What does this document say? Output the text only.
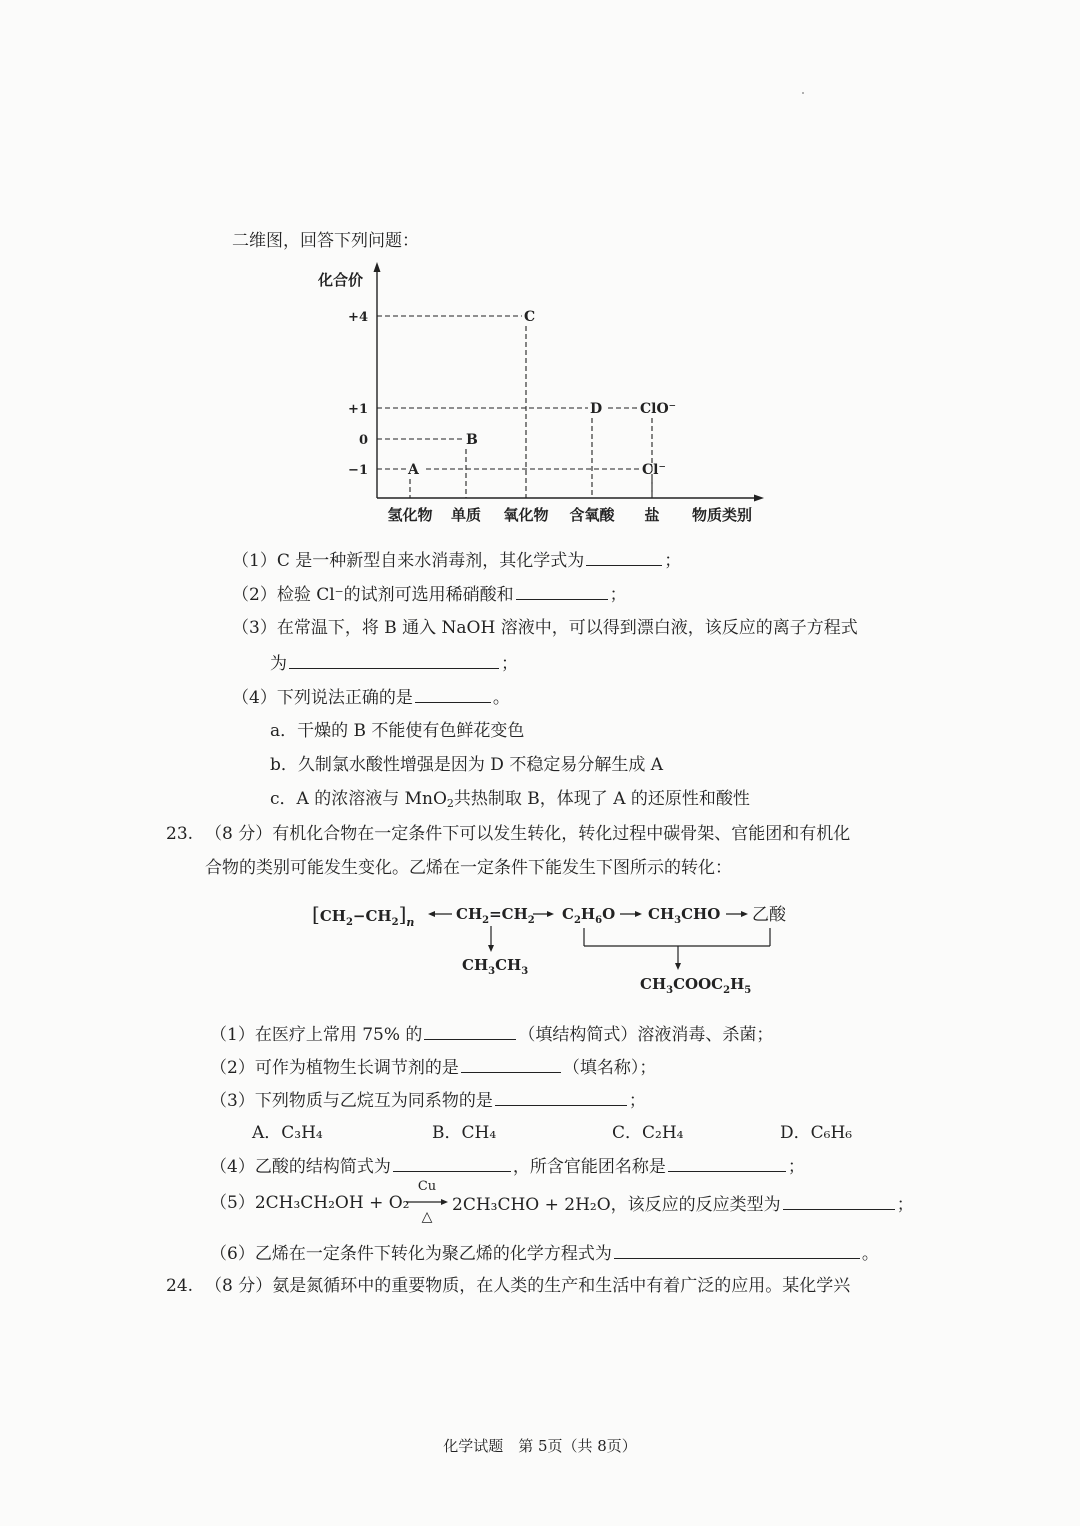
二维图，回答下列问题：
化合价
+4
+1
0
−1
氢化物 单质 氧化物 含氧酸 盐 物质类别
A
B
C
D	ClO⁻
Cl⁻
（1）C 是一种新型自来水消毒剂，其化学式为	；
（2）检验 Cl⁻的试剂可选用稀硝酸和	；
（3）在常温下，将 B 通入 NaOH 溶液中，可以得到漂白液，该反应的离子方程式
为	；
（4）下列说法正确的是	。
a．干燥的 B 不能使有色鲜花变色
b．久制氯水酸性增强是因为 D 不稳定易分解生成 A
c．A 的浓溶液与 MnO$_2$共热制取 B，体现了 A 的还原性和酸性
23. （8 分）有机化合物在一定条件下可以发生转化，转化过程中碳骨架、官能团和有机化
合物的类别可能发生变化。乙烯在一定条件下能发生下图所示的转化：
$[CH_2-CH_2]_n$	$CH_2=CH_2$ $C_2H_6O$ $CH_3CHO$ 乙酸
$CH_3CH_3$
$CH_3COOC_2H_5$
（1）在医疗上常用 75% 的	（填结构简式）溶液消毒、杀菌；
（2）可作为植物生长调节剂的是	（填名称）；
（3）下列物质与乙烷互为同系物的是	；
A．C₃H₄	B．CH₄	C．C₂H₄	D．C₆H₆
（4）乙酸的结构简式为	，所含官能团名称是	；
（5）2CH₃CH₂OH + O₂
Cu
△
2CH₃CHO + 2H₂O，该反应的反应类型为	；
（6）乙烯在一定条件下转化为聚乙烯的化学方程式为	。
24. （8 分）氨是氮循环中的重要物质，在人类的生产和生活中有着广泛的应用。某化学兴
化学试题　第 5页（共 8页）
